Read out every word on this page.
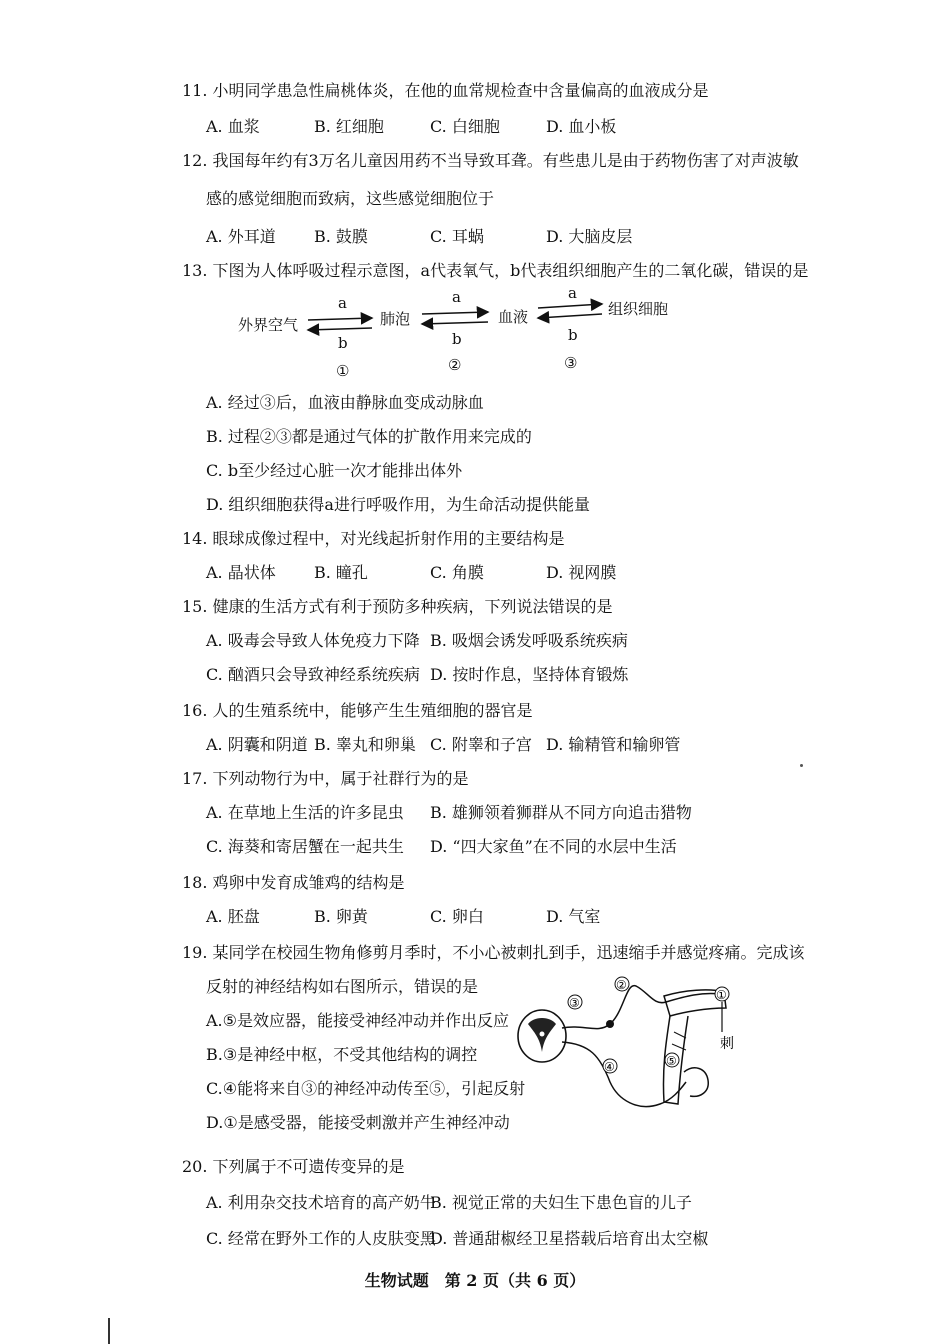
11. 小明同学患急性扁桃体炎，在他的血常规检查中含量偏高的血液成分是
A. 血浆	B. 红细胞	C. 白细胞	D. 血小板
12. 我国每年约有3万名儿童因用药不当导致耳聋。有些患儿是由于药物伤害了对声波敏
感的感觉细胞而致病，这些感觉细胞位于
A. 外耳道 B. 鼓膜	C. 耳蜗	D. 大脑皮层
13. 下图为人体呼吸过程示意图，a代表氧气，b代表组织细胞产生的二氧化碳，错误的是
外界空气	肺泡	血液	组织细胞
a
b
①
a
b
②
a
b
③
A. 经过③后，血液由静脉血变成动脉血
B. 过程②③都是通过气体的扩散作用来完成的
C. b至少经过心脏一次才能排出体外
D. 组织细胞获得a进行呼吸作用，为生命活动提供能量
14. 眼球成像过程中，对光线起折射作用的主要结构是
A. 晶状体 B. 瞳孔	C. 角膜	D. 视网膜
15. 健康的生活方式有利于预防多种疾病，下列说法错误的是
A. 吸毒会导致人体免疫力下降 B. 吸烟会诱发呼吸系统疾病
C. 酗酒只会导致神经系统疾病 D. 按时作息，坚持体育锻炼
16. 人的生殖系统中，能够产生生殖细胞的器官是
A. 阴囊和阴道 B. 睾丸和卵巢 C. 附睾和子宫 D. 输精管和输卵管
17. 下列动物行为中，属于社群行为的是
A. 在草地上生活的许多昆虫 B. 雄狮领着狮群从不同方向追击猎物
C. 海葵和寄居蟹在一起共生 D. “四大家鱼”在不同的水层中生活
18. 鸡卵中发育成雏鸡的结构是
A. 胚盘	B. 卵黄	C. 卵白	D. 气室
19. 某同学在校园生物角修剪月季时，不小心被刺扎到手，迅速缩手并感觉疼痛。完成该
反射的神经结构如右图所示，错误的是
A.⑤是效应器，能接受神经冲动并作出反应
B.③是神经中枢，不受其他结构的调控
C.④能将来自③的神经冲动传至⑤，引起反射
D.①是感受器，能接受刺激并产生神经冲动
③
②
①
④	⑤
刺
20. 下列属于不可遗传变异的是
A. 利用杂交技术培育的高产奶牛
B. 视觉正常的夫妇生下患色盲的儿子
C. 经常在野外工作的人皮肤变黑
D. 普通甜椒经卫星搭载后培育出太空椒
生物试题　第 2 页（共 6 页）
